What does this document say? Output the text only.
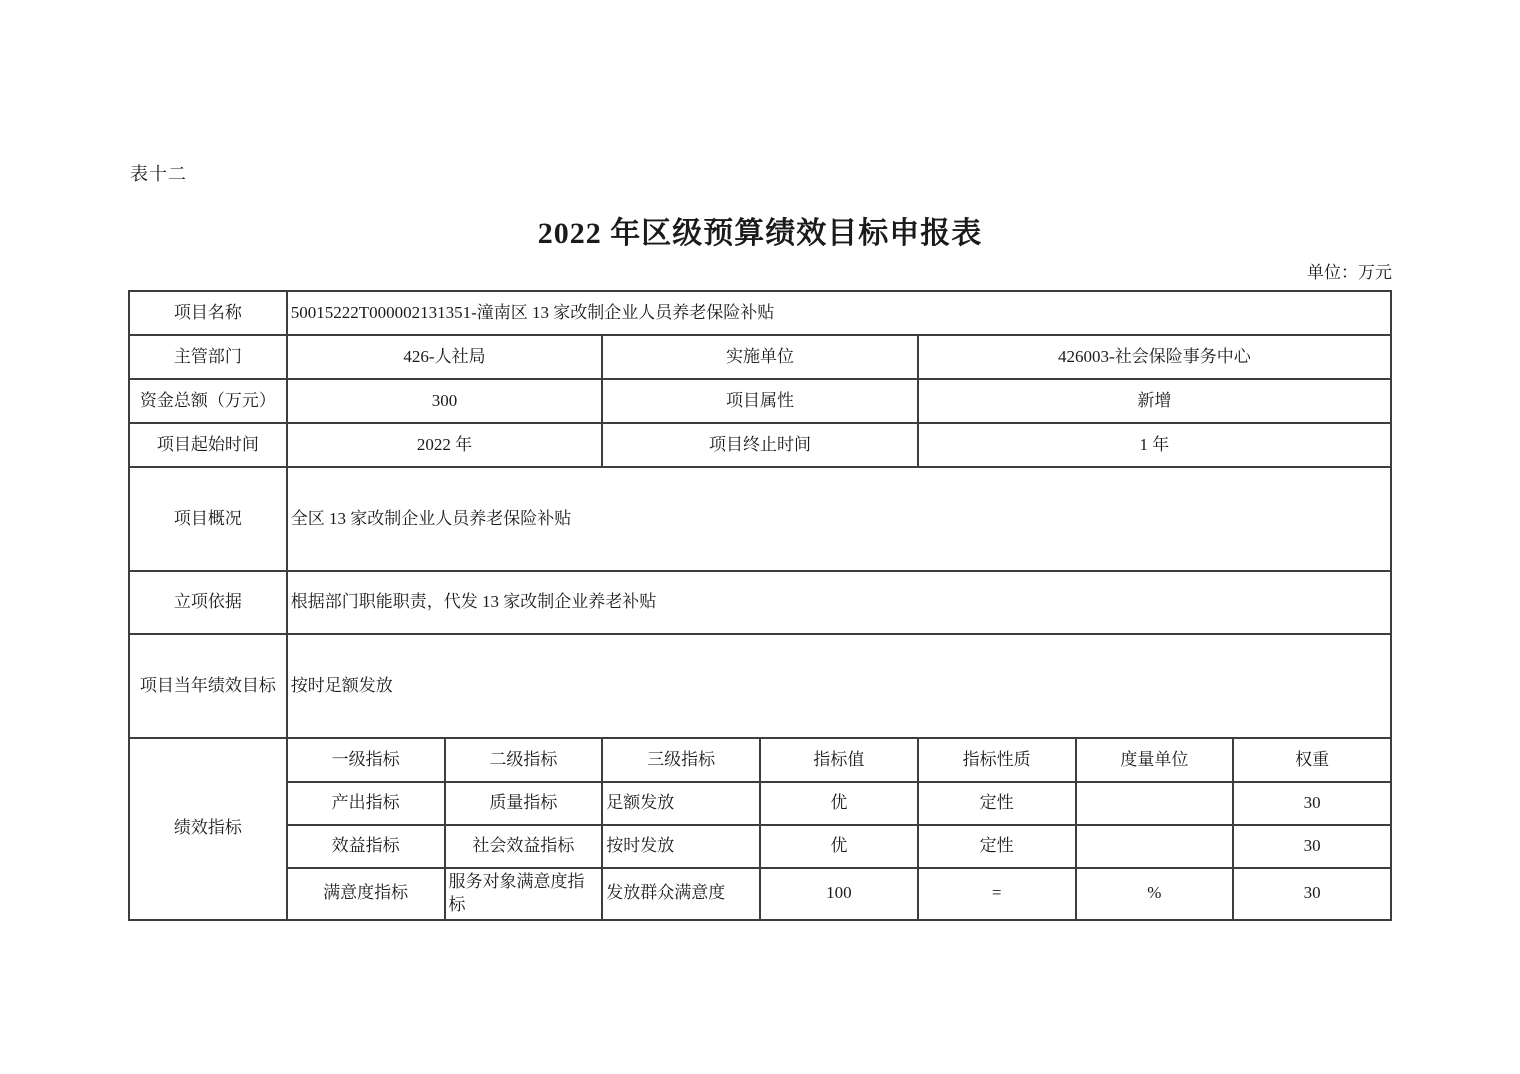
表十二
2022 年区级预算绩效目标申报表
单位：万元
项目名称	50015222T000002131351-潼南区 13 家改制企业人员养老保险补贴						
主管部门	426-人社局		实施单位		426003-社会保险事务中心		
资金总额（万元）	300		项目属性		新增		
项目起始时间	2022 年		项目终止时间		1 年		
项目概况	全区 13 家改制企业人员养老保险补贴						
立项依据	根据部门职能职责，代发 13 家改制企业养老补贴						
项目当年绩效目标	按时足额发放						
绩效指标	一级指标	二级指标	三级指标	指标值	指标性质	度量单位	权重
	产出指标	质量指标	足额发放	优	定性		30
	效益指标	社会效益指标	按时发放	优	定性		30
	满意度指标	服务对象满意度指标	发放群众满意度	100	=	%	30
